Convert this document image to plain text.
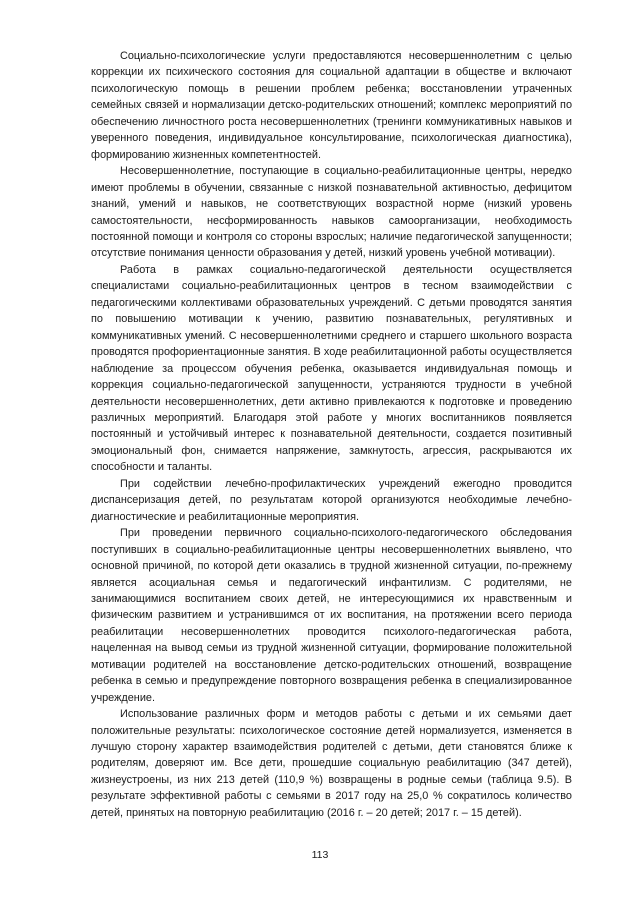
Социально-психологические услуги предоставляются несовершеннолетним с целью коррекции их психического состояния для социальной адаптации в обществе и включают психологическую помощь в решении проблем ребенка; восстановлении утраченных семейных связей и нормализации детско-родительских отношений; комплекс мероприятий по обеспечению личностного роста несовершеннолетних (тренинги коммуникативных навыков и уверенного поведения, индивидуальное консультирование, психологическая диагностика), формированию жизненных компетентностей.

Несовершеннолетние, поступающие в социально-реабилитационные центры, нередко имеют проблемы в обучении, связанные с низкой познавательной активностью, дефицитом знаний, умений и навыков, не соответствующих возрастной норме (низкий уровень самостоятельности, несформированность навыков самоорганизации, необходимость постоянной помощи и контроля со стороны взрослых; наличие педагогической запущенности; отсутствие понимания ценности образования у детей, низкий уровень учебной мотивации).

Работа в рамках социально-педагогической деятельности осуществляется специалистами социально-реабилитационных центров в тесном взаимодействии с педагогическими коллективами образовательных учреждений. С детьми проводятся занятия по повышению мотивации к учению, развитию познавательных, регулятивных и коммуникативных умений. С несовершеннолетними среднего и старшего школьного возраста проводятся профориентационные занятия. В ходе реабилитационной работы осуществляется наблюдение за процессом обучения ребенка, оказывается индивидуальная помощь и коррекция социально-педагогической запущенности, устраняются трудности в учебной деятельности несовершеннолетних, дети активно привлекаются к подготовке и проведению различных мероприятий. Благодаря этой работе у многих воспитанников появляется постоянный и устойчивый интерес к познавательной деятельности, создается позитивный эмоциональный фон, снимается напряжение, замкнутость, агрессия, раскрываются их способности и таланты.

При содействии лечебно-профилактических учреждений ежегодно проводится диспансеризация детей, по результатам которой организуются необходимые лечебно-диагностические и реабилитационные мероприятия.

При проведении первичного социально-психолого-педагогического обследования поступивших в социально-реабилитационные центры несовершеннолетних выявлено, что основной причиной, по которой дети оказались в трудной жизненной ситуации, по-прежнему является асоциальная семья и педагогический инфантилизм. С родителями, не занимающимися воспитанием своих детей, не интересующимися их нравственным и физическим развитием и устранившимся от их воспитания, на протяжении всего периода реабилитации несовершеннолетних проводится психолого-педагогическая работа, нацеленная на вывод семьи из трудной жизненной ситуации, формирование положительной мотивации родителей на восстановление детско-родительских отношений, возвращение ребенка в семью и предупреждение повторного возвращения ребенка в специализированное учреждение.

Использование различных форм и методов работы с детьми и их семьями дает положительные результаты: психологическое состояние детей нормализуется, изменяется в лучшую сторону характер взаимодействия родителей с детьми, дети становятся ближе к родителям, доверяют им. Все дети, прошедшие социальную реабилитацию (347 детей), жизнеустроены, из них 213 детей (110,9 %) возвращены в родные семьи (таблица 9.5). В результате эффективной работы с семьями в 2017 году на 25,0 % сократилось количество детей, принятых на повторную реабилитацию (2016 г. – 20 детей; 2017 г. – 15 детей).

113
